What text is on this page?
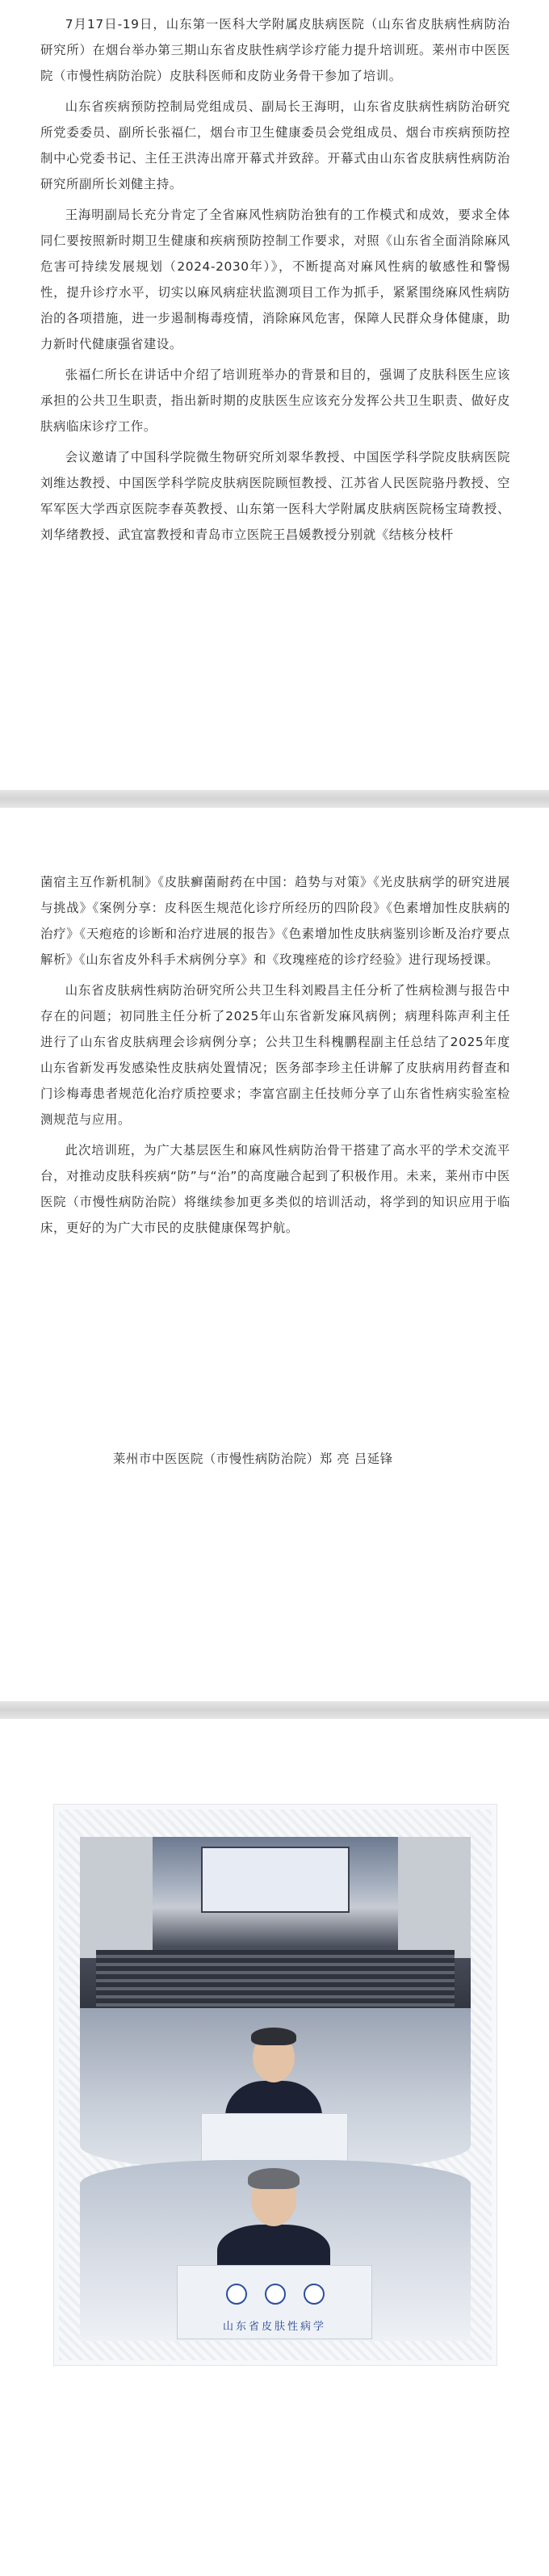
7月17日-19日，山东第一医科大学附属皮肤病医院（山东省皮肤病性病防治研究所）在烟台举办第三期山东省皮肤性病学诊疗能力提升培训班。莱州市中医医院（市慢性病防治院）皮肤科医师和皮防业务骨干参加了培训。

山东省疾病预防控制局党组成员、副局长王海明，山东省皮肤病性病防治研究所党委委员、副所长张福仁，烟台市卫生健康委员会党组成员、烟台市疾病预防控制中心党委书记、主任王洪涛出席开幕式并致辞。开幕式由山东省皮肤病性病防治研究所副所长刘健主持。

王海明副局长充分肯定了全省麻风性病防治独有的工作模式和成效，要求全体同仁要按照新时期卫生健康和疾病预防控制工作要求，对照《山东省全面消除麻风危害可持续发展规划（2024-2030年）》，不断提高对麻风性病的敏感性和警惕性，提升诊疗水平，切实以麻风病症状监测项目工作为抓手，紧紧围绕麻风性病防治的各项措施，进一步遏制梅毒疫情，消除麻风危害，保障人民群众身体健康，助力新时代健康强省建设。

张福仁所长在讲话中介绍了培训班举办的背景和目的，强调了皮肤科医生应该承担的公共卫生职责，指出新时期的皮肤医生应该充分发挥公共卫生职责、做好皮肤病临床诊疗工作。

会议邀请了中国科学院微生物研究所刘翠华教授、中国医学科学院皮肤病医院刘维达教授、中国医学科学院皮肤病医院顾恒教授、江苏省人民医院骆丹教授、空军军医大学西京医院李春英教授、山东第一医科大学附属皮肤病医院杨宝琦教授、刘华绪教授、武宜富教授和青岛市立医院王昌媛教授分别就《结核分枝杆

菌宿主互作新机制》《皮肤癣菌耐药在中国：趋势与对策》《光皮肤病学的研究进展与挑战》《案例分享：皮科医生规范化诊疗所经历的四阶段》《色素增加性皮肤病的治疗》《天疱疮的诊断和治疗进展的报告》《色素增加性皮肤病鉴别诊断及治疗要点解析》《山东省皮外科手术病例分享》和《玫瑰痤疮的诊疗经验》进行现场授课。

山东省皮肤病性病防治研究所公共卫生科刘殿昌主任分析了性病检测与报告中存在的问题；初同胜主任分析了2025年山东省新发麻风病例；病理科陈声利主任进行了山东省皮肤病理会诊病例分享；公共卫生科槐鹏程副主任总结了2025年度山东省新发再发感染性皮肤病处置情况；医务部李珍主任讲解了皮肤病用药督查和门诊梅毒患者规范化治疗质控要求；李富宫副主任技师分享了山东省性病实验室检测规范与应用。

此次培训班，为广大基层医生和麻风性病防治骨干搭建了高水平的学术交流平台，对推动皮肤科疾病“防”与“治”的高度融合起到了积极作用。未来，莱州市中医医院（市慢性病防治院）将继续参加更多类似的培训活动，将学到的知识应用于临床，更好的为广大市民的皮肤健康保驾护航。

莱州市中医医院（市慢性病防治院）郑 亮 吕延锋
山东省皮肤性病学
